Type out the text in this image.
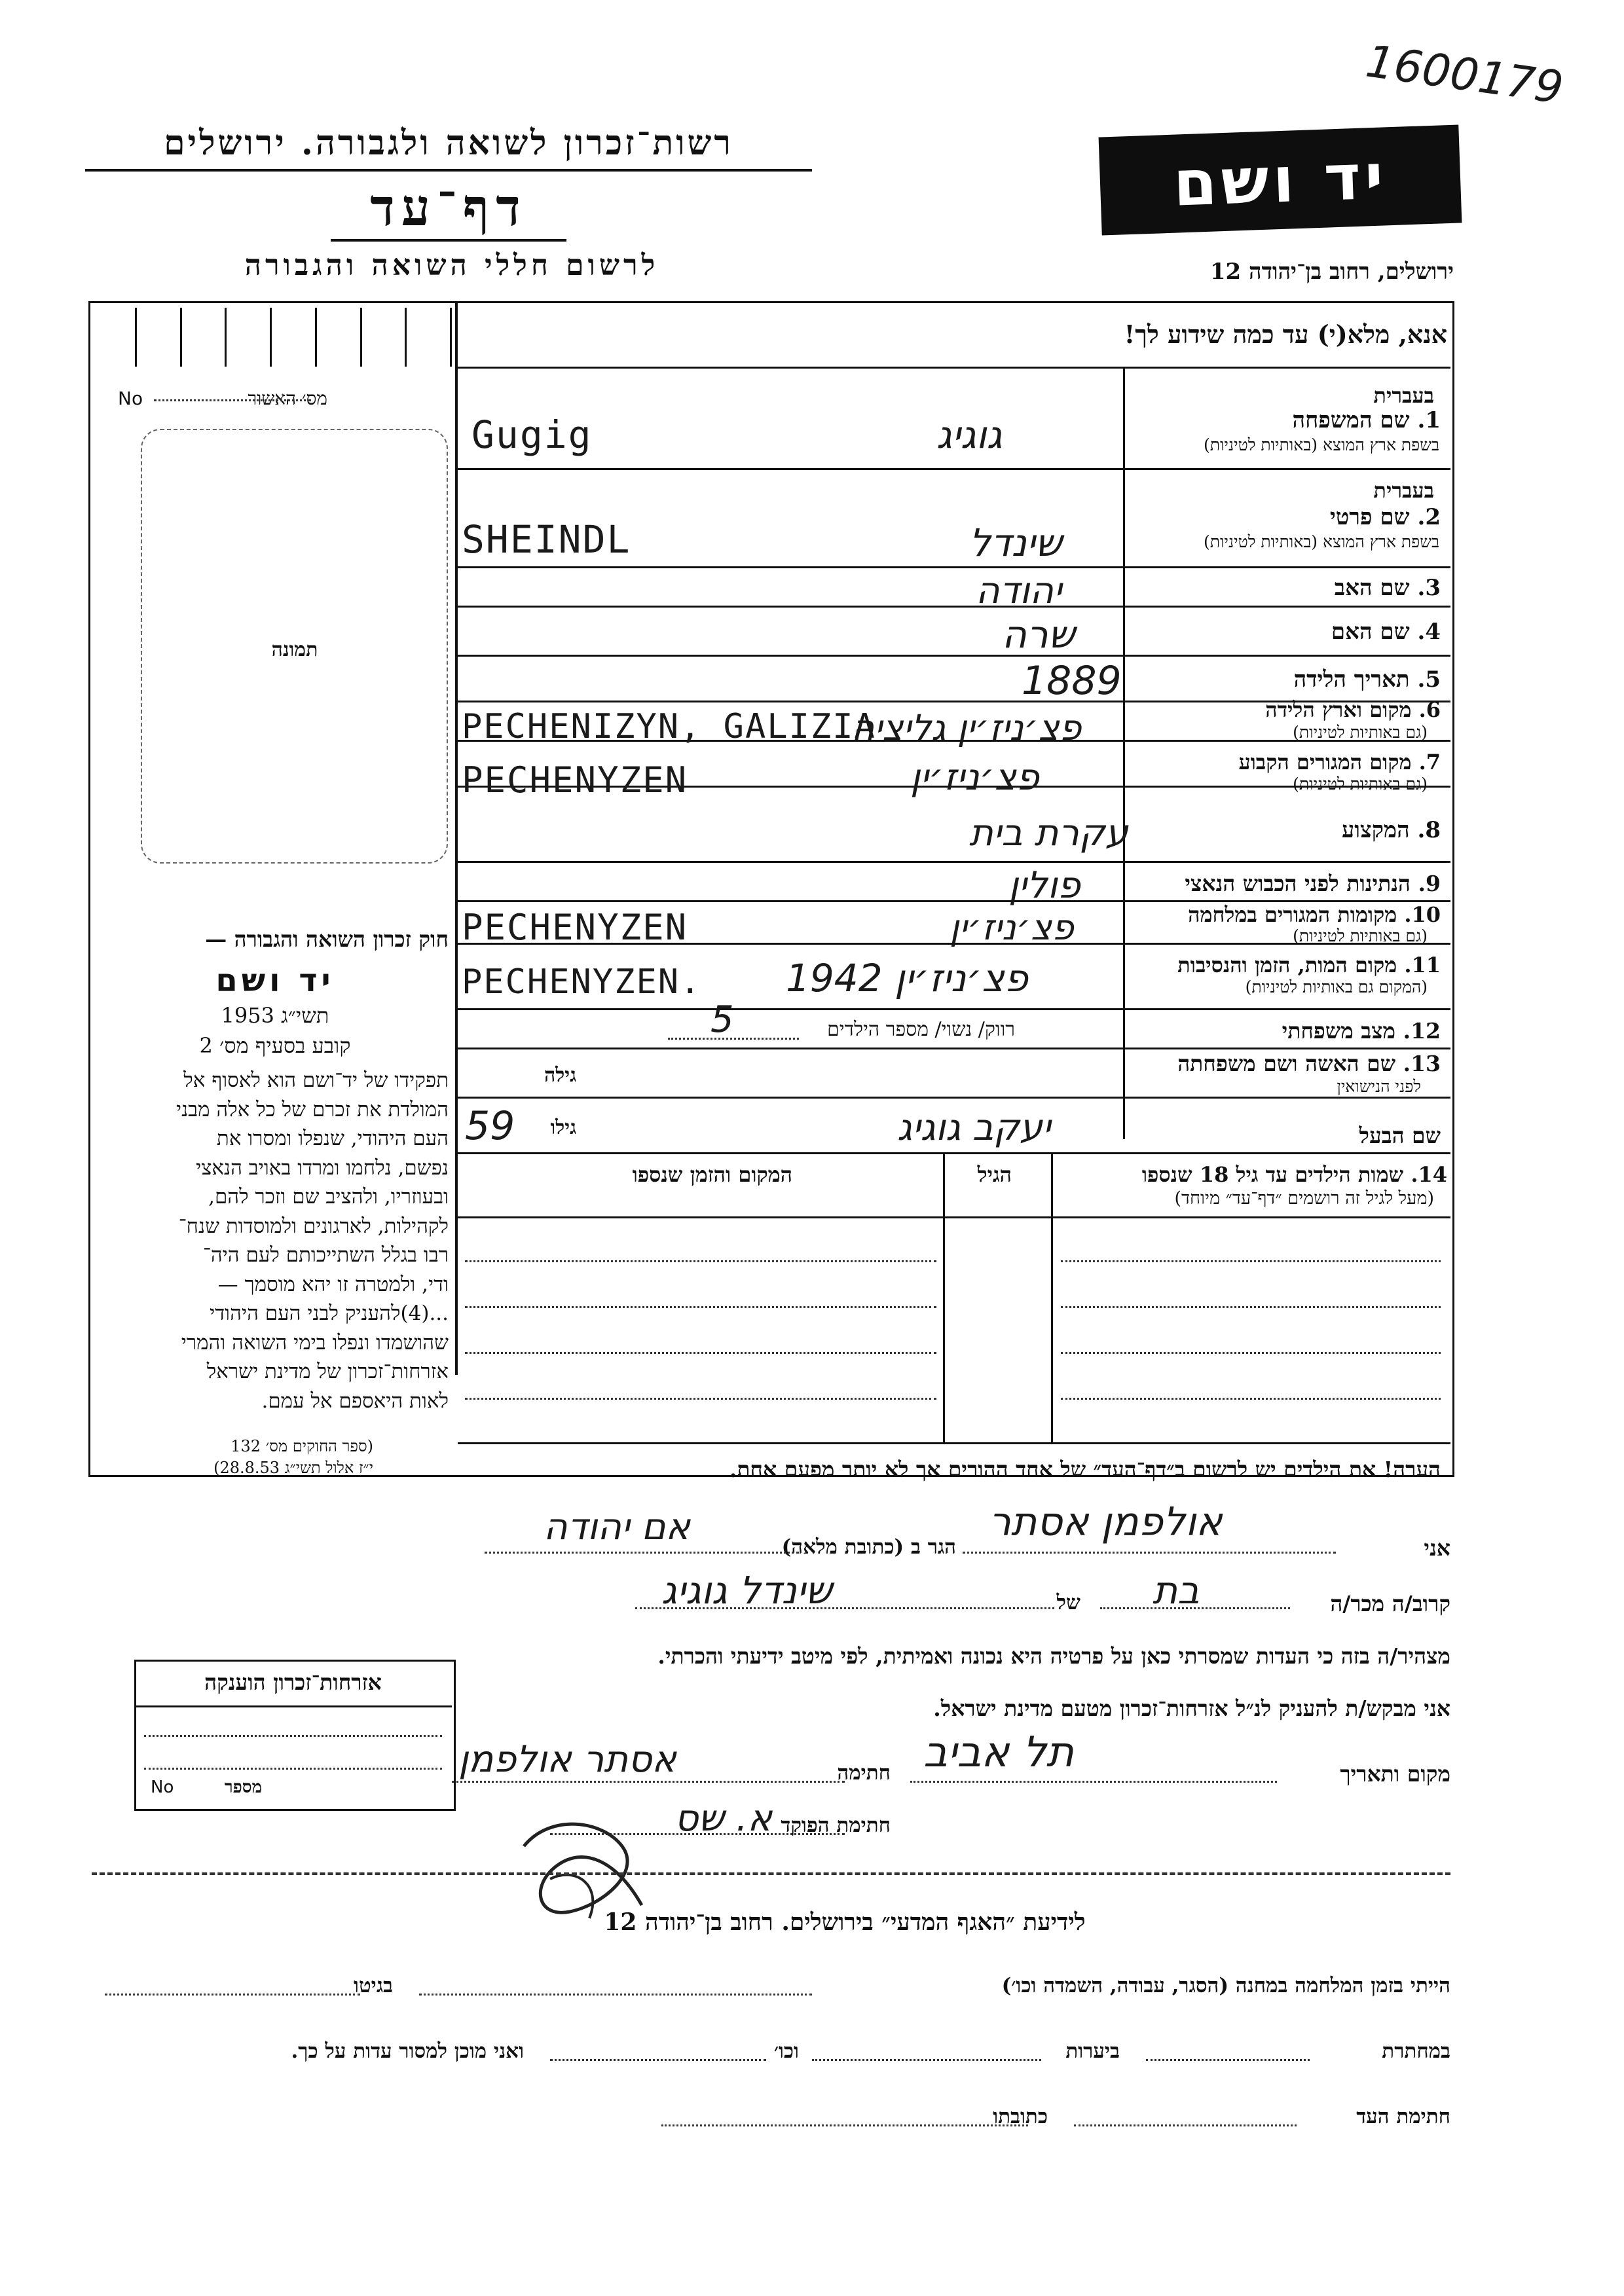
1600179
רשות־זכרון לשואה ולגבורה. ירושלים
דף־עד
לרשום חללי השואה והגבורה
יד ושם
ירושלים, רחוב בן־יהודה 12
אנא, מלא(י) עד כמה שידוע לך!
מס׳ האשור
No
תמונה
חוק זכרון השואה והגבורה —
יד ושם
תשי״ג 1953
קובע בסעיף מס׳ 2
תפקידו של יד־ושם הוא לאסוף אל
המולדת את זכרם של כל אלה מבני
העם היהודי, שנפלו ומסרו את
נפשם, נלחמו ומרדו באויב הנאצי
ובעוזריו, ולהציב שם וזכר להם,
לקהילות, לארגונים ולמוסדות שנח־
רבו בגלל השתייכותם לעם היה־
ודי, ולמטרה זו יהא מוסמך —
...(4)להעניק לבני העם היהודי
שהושמדו ונפלו בימי השואה והמרי
אזרחות־זכרון של מדינת ישראל
לאות היאספם אל עמם.
(ספר החוקים מס׳ 132
י״ז אלול תשי״ג 28.8.53)
בעברית
1. שם המשפחה
בשפת ארץ המוצא (באותיות לטיניות)
גוגיג
Gugig
בעברית
2. שם פרטי
בשפת ארץ המוצא (באותיות לטיניות)
שינדל
SHEINDL
3. שם האב
יהודה
4. שם האם
שרה
5. תאריך הלידה
1889
6. מקום וארץ הלידה
(גם באותיות לטיניות)
פצ׳ניז׳ין גליציה
PECHENIZYN, GALIZIA
7. מקום המגורים הקבוע
(גם באותיות לטיניות)
פצ׳ניז׳ין
PECHENYZEN
8. המקצוע
עקרת בית
9. הנתינות לפני הכבוש הנאצי
פולין
10. מקומות המגורים במלחמה
(גם באותיות לטיניות)
פצ׳ניז׳ין
PECHENYZEN
11. מקום המות, הזמן והנסיבות
(המקום גם באותיות לטיניות)
פצ׳ניז׳ין 1942
PECHENYZEN.
12. מצב משפחתי
רווק/ נשוי/ מספר הילדים
5
13. שם האשה ושם משפחתה
לפני הנישואין
גילה
שם הבעל
יעקב גוגיג
גילו
59
14. שמות הילדים עד גיל 18 שנספו
(מעל לגיל זה רושמים ״דף־עד״ מיוחד)
הגיל
המקום והזמן שנספו
הערה! את הילדים יש לרשום ב״דף־העד״ של אחד ההורים אך לא יותר מפעם אחת.
אני
אולפמן אסתר
הגר ב (כתובת מלאה)
אם יהודה
קרוב/ה מכר/ה
בת
של
שינדל גוגיג
מצהיר/ה בזה כי העדות שמסרתי כאן על פרטיה היא נכונה ואמיתית, לפי מיטב ידיעתי והכרתי.
אני מבקש/ת להעניק לנ״ל אזרחות־זכרון מטעם מדינת ישראל.
מקום ותאריך
תל אביב
חתימה
אסתר אולפמן
חתימת הפוקד
א. שס
אזרחות־זכרון הוענקה
מספר
No
לידיעת ״האגף המדעי״ בירושלים. רחוב בן־יהודה 12
הייתי בזמן המלחמה במחנה (הסגר, עבודה, השמדה וכו׳)
בגיטו
במחתרת
ביערות
וכו׳
ואני מוכן למסור עדות על כך.
חתימת העד
כתובתו
